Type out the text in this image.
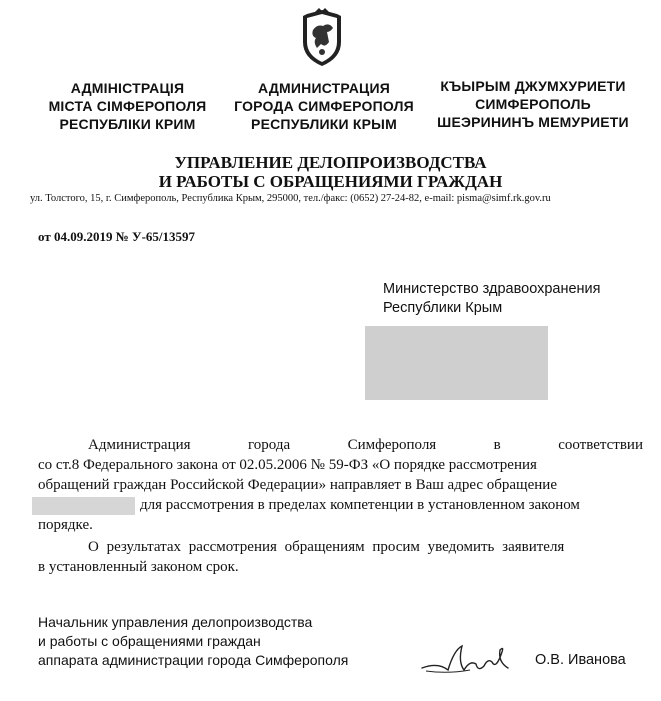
АДМІНІСТРАЦІЯ
МІСТА СІМФЕРОПОЛЯ
РЕСПУБЛІКИ КРИМ
АДМИНИСТРАЦИЯ
ГОРОДА СИМФЕРОПОЛЯ
РЕСПУБЛИКИ КРЫМ
КЪЫРЫМ ДЖУМХУРИЕТИ
СИМФЕРОПОЛЬ
ШЕЭРИНИНЪ МЕМУРИЕТИ
УПРАВЛЕНИЕ ДЕЛОПРОИЗВОДСТВА
И РАБОТЫ С ОБРАЩЕНИЯМИ ГРАЖДАН
ул. Толстого, 15, г. Симферополь, Республика Крым, 295000, тел./факс: (0652) 27-24-82, e-mail: pisma@simf.rk.gov.ru
от 04.09.2019 № У-65/13597
Министерство здравоохранения
Республики Крым
Администрация	города	Симферополя	в	соответствии
со ст.8 Федерального закона от 02.05.2006 № 59-ФЗ «О порядке рассмотрения
обращений граждан Российской Федерации» направляет в Ваш адрес обращение
для рассмотрения в пределах компетенции в установленном законом
порядке.
О результатах рассмотрения обращениям просим уведомить заявителя
в установленный законом срок.
Начальник управления делопроизводства
и работы с обращениями граждан
аппарата администрации города Симферополя	О.В. Иванова
